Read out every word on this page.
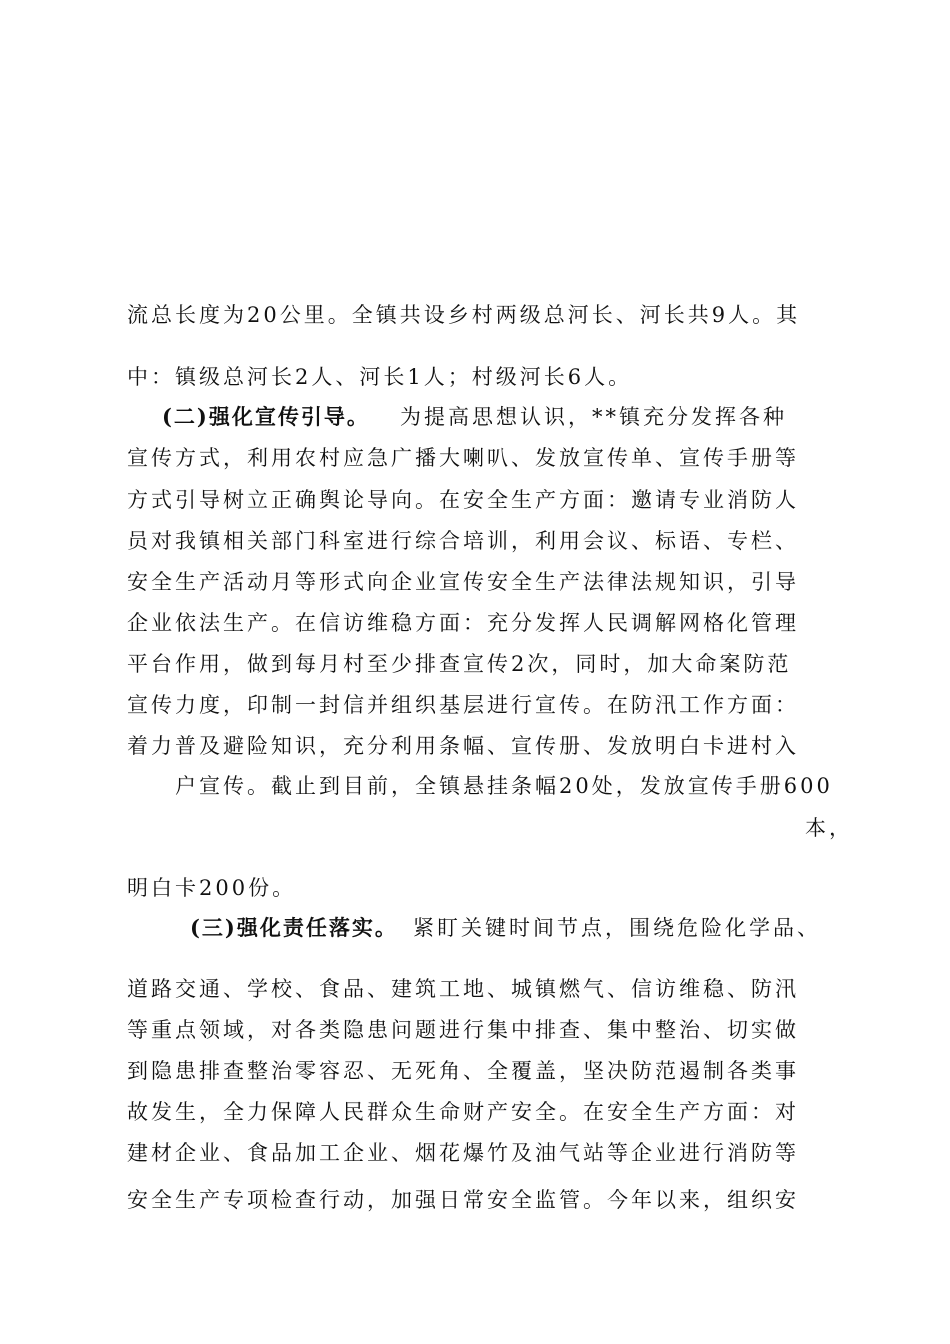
流总长度为20公里。全镇共设乡村两级总河长、河长共9人。其
中：镇级总河长2人、河长1人；村级河长6人。
(二)强化宣传引导。 为提高思想认识，**镇充分发挥各种
宣传方式，利用农村应急广播大喇叭、发放宣传单、宣传手册等
方式引导树立正确舆论导向。在安全生产方面：邀请专业消防人
员对我镇相关部门科室进行综合培训，利用会议、标语、专栏、
安全生产活动月等形式向企业宣传安全生产法律法规知识，引导
企业依法生产。在信访维稳方面：充分发挥人民调解网格化管理
平台作用，做到每月村至少排查宣传2次，同时，加大命案防范
宣传力度，印制一封信并组织基层进行宣传。在防汛工作方面：
着力普及避险知识，充分利用条幅、宣传册、发放明白卡进村入
户宣传。截止到目前，全镇悬挂条幅20处，发放宣传手册600
本，
明白卡200份。
(三)强化责任落实。 紧盯关键时间节点，围绕危险化学品、
道路交通、学校、食品、建筑工地、城镇燃气、信访维稳、防汛
等重点领域，对各类隐患问题进行集中排查、集中整治、切实做
到隐患排查整治零容忍、无死角、全覆盖，坚决防范遏制各类事
故发生，全力保障人民群众生命财产安全。在安全生产方面：对
建材企业、食品加工企业、烟花爆竹及油气站等企业进行消防等
安全生产专项检查行动，加强日常安全监管。今年以来，组织安
